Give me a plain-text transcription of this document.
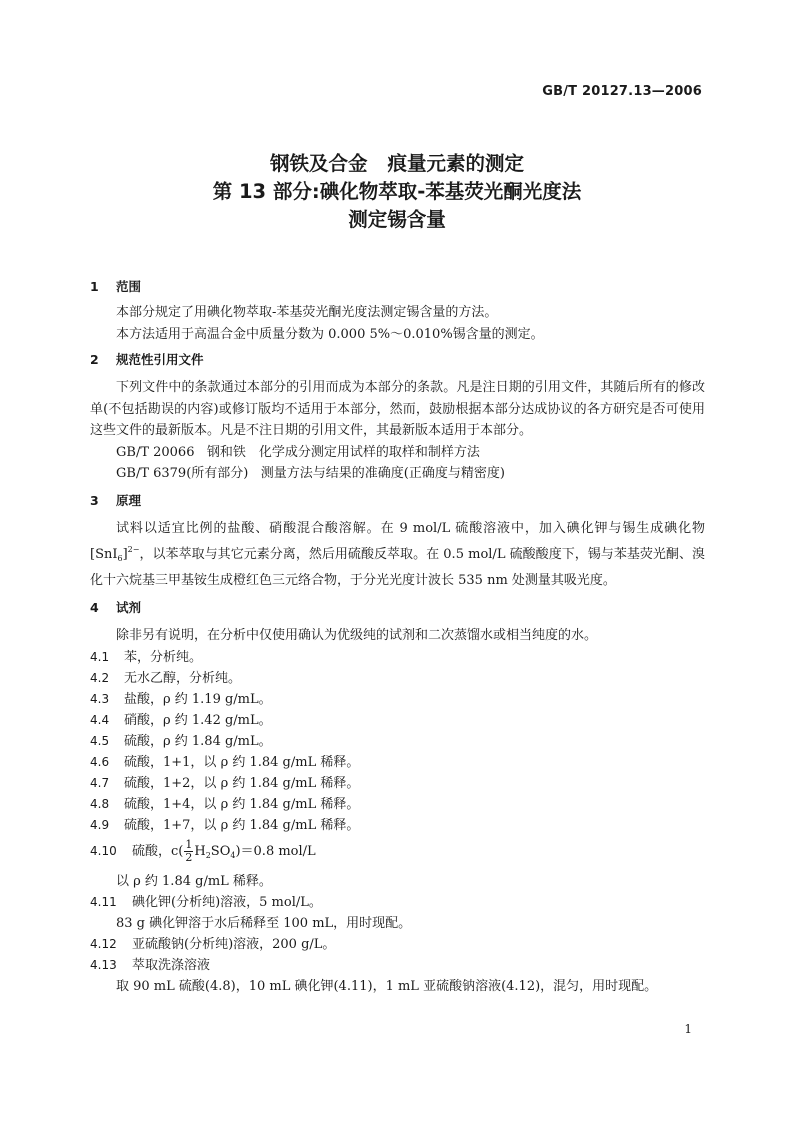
GB/T 20127.13—2006
钢铁及合金 痕量元素的测定
第 13 部分:碘化物萃取-苯基荧光酮光度法
测定锡含量
1 范围
本部分规定了用碘化物萃取-苯基荧光酮光度法测定锡含量的方法。
本方法适用于高温合金中质量分数为 0.000 5%～0.010%锡含量的测定。
2 规范性引用文件
下列文件中的条款通过本部分的引用而成为本部分的条款。凡是注日期的引用文件，其随后所有的修改单(不包括勘误的内容)或修订版均不适用于本部分，然而，鼓励根据本部分达成协议的各方研究是否可使用这些文件的最新版本。凡是不注日期的引用文件，其最新版本适用于本部分。
GB/T 20066 钢和铁　化学成分测定用试样的取样和制样方法
GB/T 6379(所有部分) 测量方法与结果的准确度(正确度与精密度)
3 原理
试料以适宜比例的盐酸、硝酸混合酸溶解。在 9 mol/L 硫酸溶液中，加入碘化钾与锡生成碘化物$[SnI_6]^{2-}$，以苯萃取与其它元素分离，然后用硫酸反萃取。在 0.5 mol/L 硫酸酸度下，锡与苯基荧光酮、溴化十六烷基三甲基铵生成橙红色三元络合物，于分光光度计波长 535 nm 处测量其吸光度。
4 试剂
除非另有说明，在分析中仅使用确认为优级纯的试剂和二次蒸馏水或相当纯度的水。
4.1 苯，分析纯。
4.2 无水乙醇，分析纯。
4.3 盐酸，ρ 约 1.19 g/mL。
4.4 硝酸，ρ 约 1.42 g/mL。
4.5 硫酸，ρ 约 1.84 g/mL。
4.6 硫酸，1+1，以 ρ 约 1.84 g/mL 稀释。
4.7 硫酸，1+2，以 ρ 约 1.84 g/mL 稀释。
4.8 硫酸，1+4，以 ρ 约 1.84 g/mL 稀释。
4.9 硫酸，1+7，以 ρ 约 1.84 g/mL 稀释。
4.10 硫酸，$c( \frac{1}{2} H_2SO_4)=0.8$ mol/L
以 ρ 约 1.84 g/mL 稀释。
4.11 碘化钾(分析纯)溶液，5 mol/L。
83 g 碘化钾溶于水后稀释至 100 mL，用时现配。
4.12 亚硫酸钠(分析纯)溶液，200 g/L。
4.13 萃取洗涤溶液
取 90 mL 硫酸(4.8)，10 mL 碘化钾(4.11)，1 mL 亚硫酸钠溶液(4.12)，混匀，用时现配。
1
